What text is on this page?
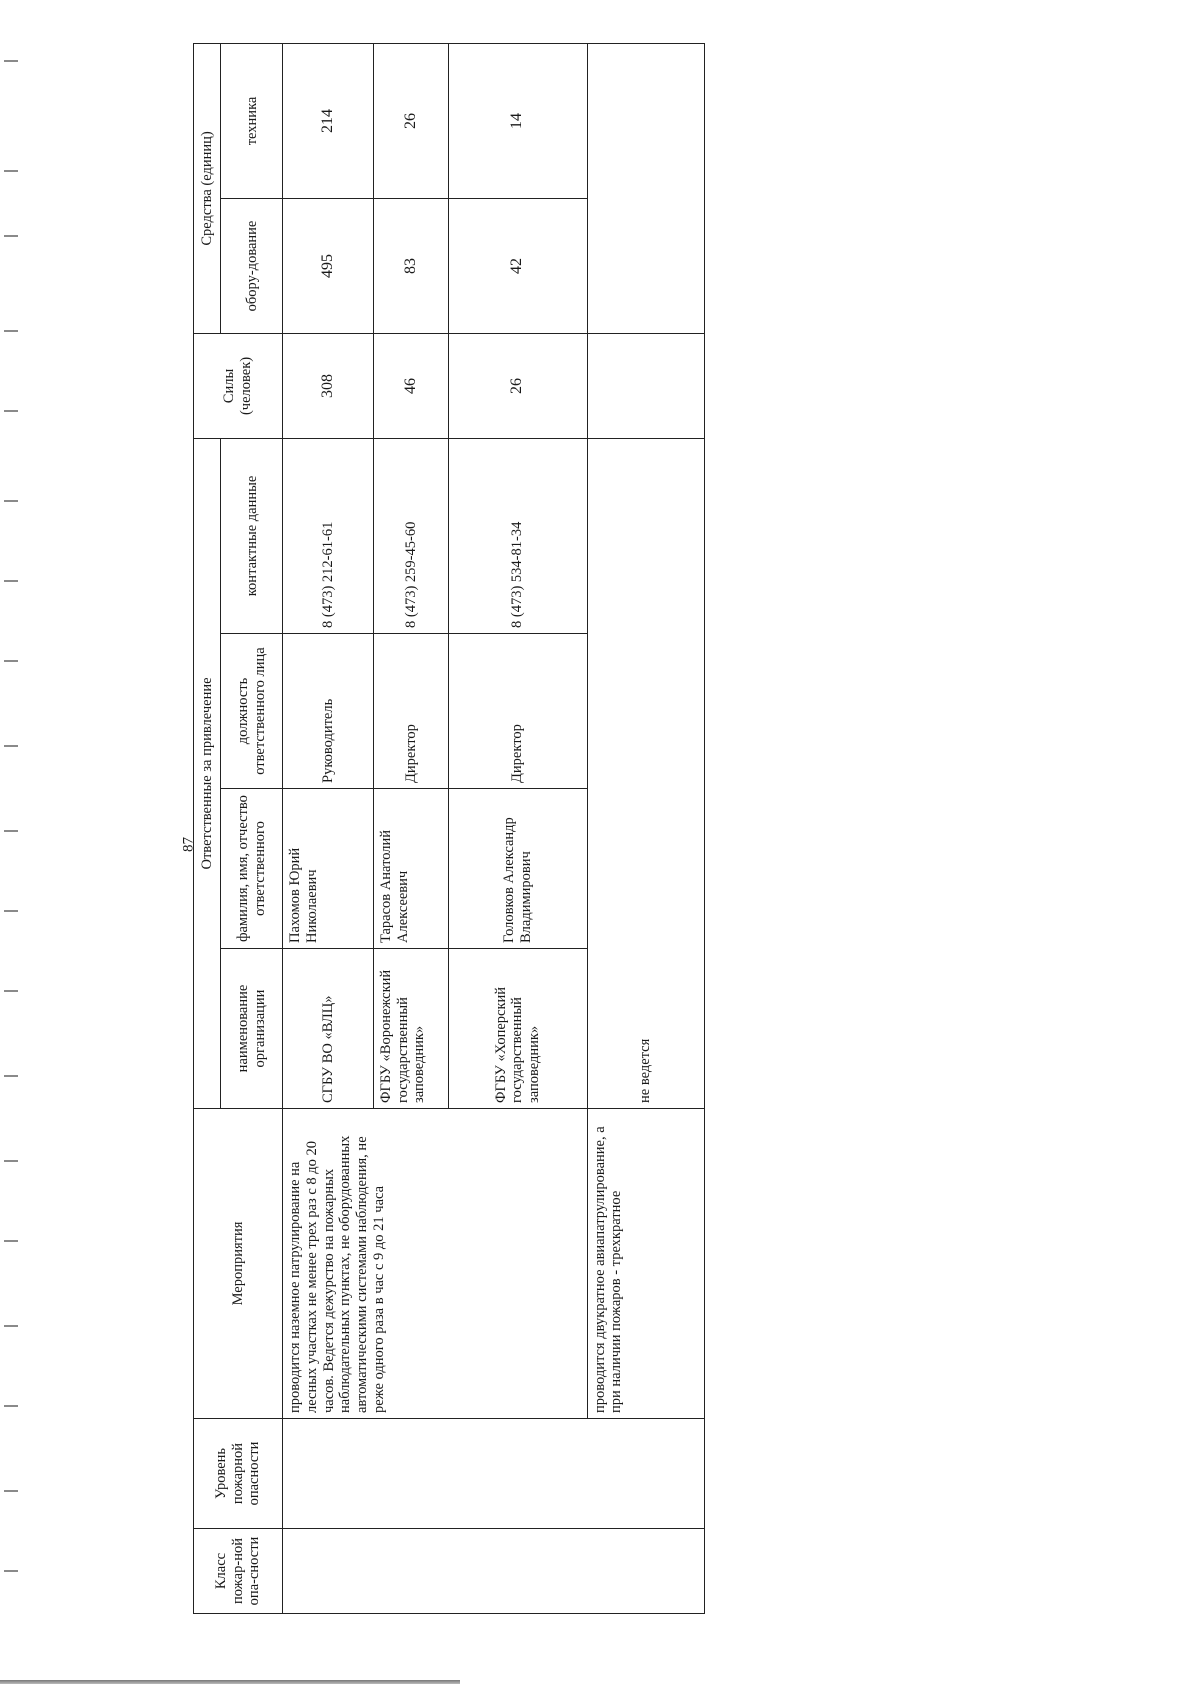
87
Класс пожар-ной опа-сности	Уровень пожарной опасности	Мероприятия	Ответственные за привлечение				Силы (человек)	Средства (единиц)	
			наименование организации	фамилия, имя, отчество ответственного	должность ответственного лица	контактные данные		обору-дование	техника

		проводится наземное патрулирование на лесных участках не менее трех раз с 8 до 20 часов. Ведется дежурство на пожарных наблюдательных пунктах, не оборудованных автоматическими системами наблюдения, не реже одного раза в час с 9 до 21 часа	СГБУ ВО «ВЛЦ»	Пахомов Юрий Николаевич	Руководитель	8 (473) 212-61-61	308	495	214
			ФГБУ «Воронежский государственный заповедник»	Тарасов Анатолий Алексеевич	Директор	8 (473) 259-45-60	46	83	26
			ФГБУ «Хоперский государственный заповедник»	Головков Александр Владимирович	Директор	8 (473) 534-81-34	26	42	14
		проводится двукратное авиапатрулирование, а при наличии пожаров - трехкратное	не ведется						
